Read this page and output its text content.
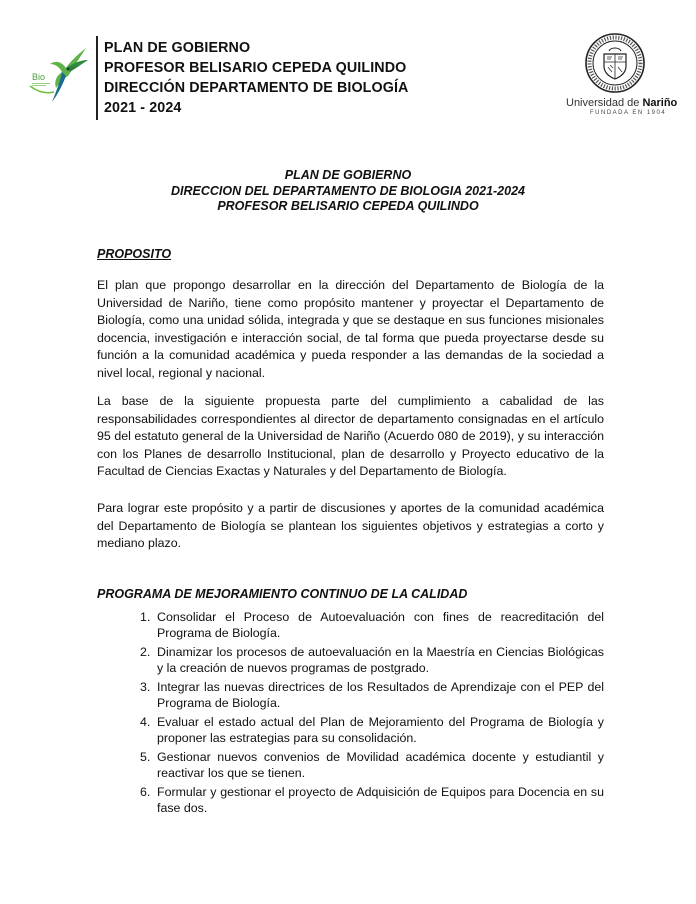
Bio
PLAN DE GOBIERNO
PROFESOR BELISARIO CEPEDA QUILINDO
DIRECCIÓN DEPARTAMENTO DE BIOLOGÍA
2021 - 2024	Universidad de Nariño
FUNDADA EN 1904
PLAN DE GOBIERNO
DIRECCION DEL DEPARTAMENTO DE BIOLOGIA 2021-2024
PROFESOR BELISARIO CEPEDA QUILINDO
PROPOSITO

El plan que propongo desarrollar en la dirección del Departamento de Biología de la Universidad de Nariño, tiene como propósito mantener y proyectar el Departamento de Biología, como una unidad sólida, integrada y que se destaque en sus funciones misionales docencia, investigación e interacción social, de tal forma que pueda proyectarse desde su función a la comunidad académica y pueda responder a las demandas de la sociedad a nivel local, regional y nacional.

La base de la siguiente propuesta parte del cumplimiento a cabalidad de las responsabilidades correspondientes al director de departamento consignadas en el artículo 95 del estatuto general de la Universidad de Nariño (Acuerdo 080 de 2019), y su interacción con los Planes de desarrollo Institucional, plan de desarrollo y Proyecto educativo de la Facultad de Ciencias Exactas y Naturales y del Departamento de Biología.

Para lograr este propósito y a partir de discusiones y aportes de la comunidad académica del Departamento de Biología se plantean los siguientes objetivos y estrategias a corto y mediano plazo.

PROGRAMA DE MEJORAMIENTO CONTINUO DE LA CALIDAD
1. Consolidar el Proceso de Autoevaluación con fines de reacreditación del Programa de Biología.
2. Dinamizar los procesos de autoevaluación en la Maestría en Ciencias Biológicas y la creación de nuevos programas de postgrado.
3. Integrar las nuevas directrices de los Resultados de Aprendizaje con el PEP del Programa de Biología.
4. Evaluar el estado actual del Plan de Mejoramiento del Programa de Biología y proponer las estrategias para su consolidación.
5. Gestionar nuevos convenios de Movilidad académica docente y estudiantil y reactivar los que se tienen.
6. Formular y gestionar el proyecto de Adquisición de Equipos para Docencia en su fase dos.
